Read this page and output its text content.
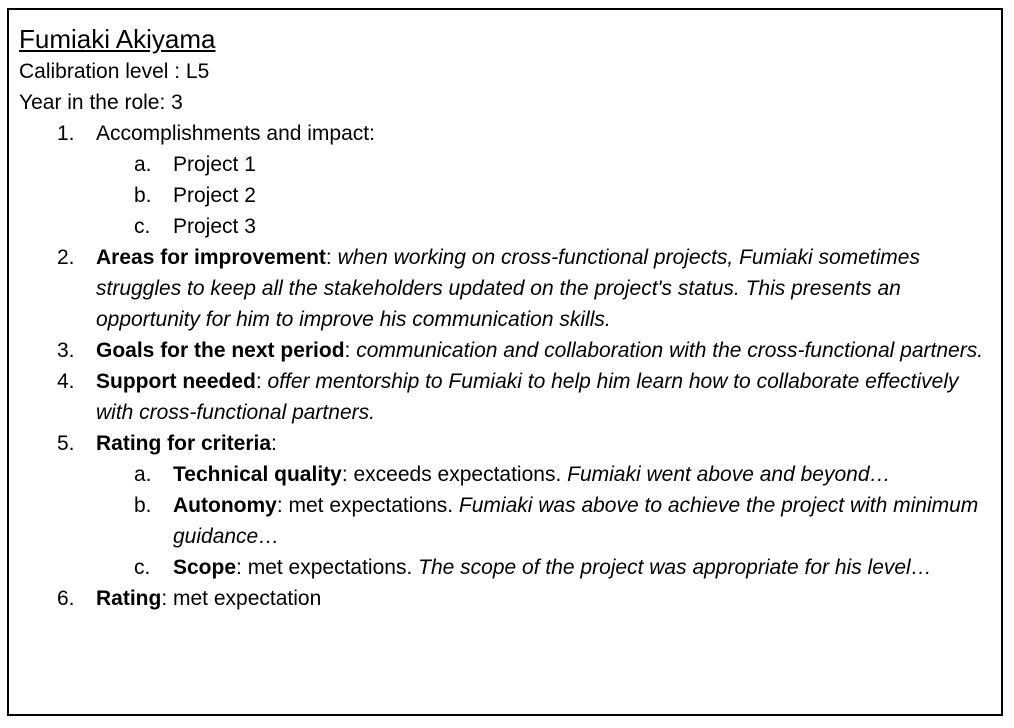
Fumiaki Akiyama
Calibration level : L5
Year in the role: 3
1. Accomplishments and impact:
a. Project 1
b. Project 2
c. Project 3
2. Areas for improvement: when working on cross-functional projects, Fumiaki sometimes struggles to keep all the stakeholders updated on the project's status. This presents an opportunity for him to improve his communication skills.
3. Goals for the next period: communication and collaboration with the cross-functional partners.
4. Support needed: offer mentorship to Fumiaki to help him learn how to collaborate effectively with cross-functional partners.
5. Rating for criteria:
a. Technical quality: exceeds expectations. Fumiaki went above and beyond…
b. Autonomy: met expectations. Fumiaki was above to achieve the project with minimum guidance…
c. Scope: met expectations. The scope of the project was appropriate for his level…
6. Rating: met expectation
